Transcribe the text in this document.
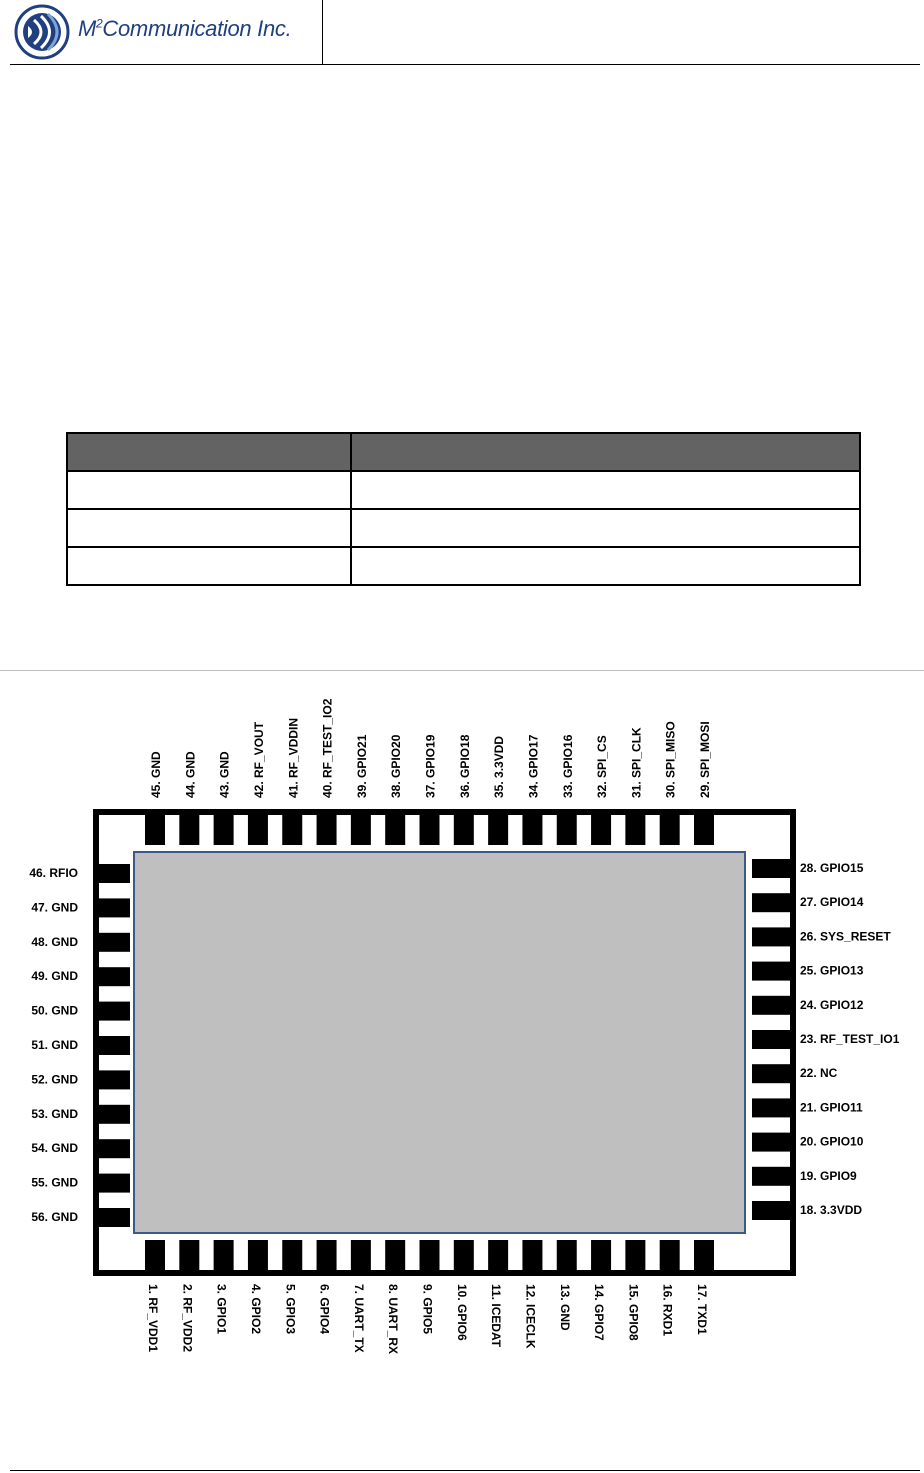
$M^2Communication$ Inc.

1. RF_VDD1 2. RF_VDD2 3. GPIO1 4. GPIO2 5. GPIO3 6. GPIO4 7. UART_TX 8. UART_RX 9. GPIO5 10. GPIO6 11. ICEDAT 12. ICECLK 13. GND 14. GPIO7 15. GPIO8 16. RXD1 17. TXD1
29. SPI_MOSI
30. SPI_MISO
31. SPI_CLK
32. SPI_CS
33. GPIO16
34. GPIO17
35. 3.3VDD
36. GPIO18
37. GPIO19
38. GPIO20
39. GPIO21
40. RF_TEST_IO2
41. RF_VDDIN
42. RF_VOUT
43. GND
44. GND
45. GND
18. 3.3VDD
19. GPIO9
20. GPIO10
21. GPIO11
22. NC
23. RF_TEST_IO1
24. GPIO12
25. GPIO13
26. SYS_RESET
27. GPIO14
28. GPIO15
46. RFIO
47. GND
48. GND
49. GND
50. GND
51. GND
52. GND
53. GND
54. GND
55. GND
56. GND
